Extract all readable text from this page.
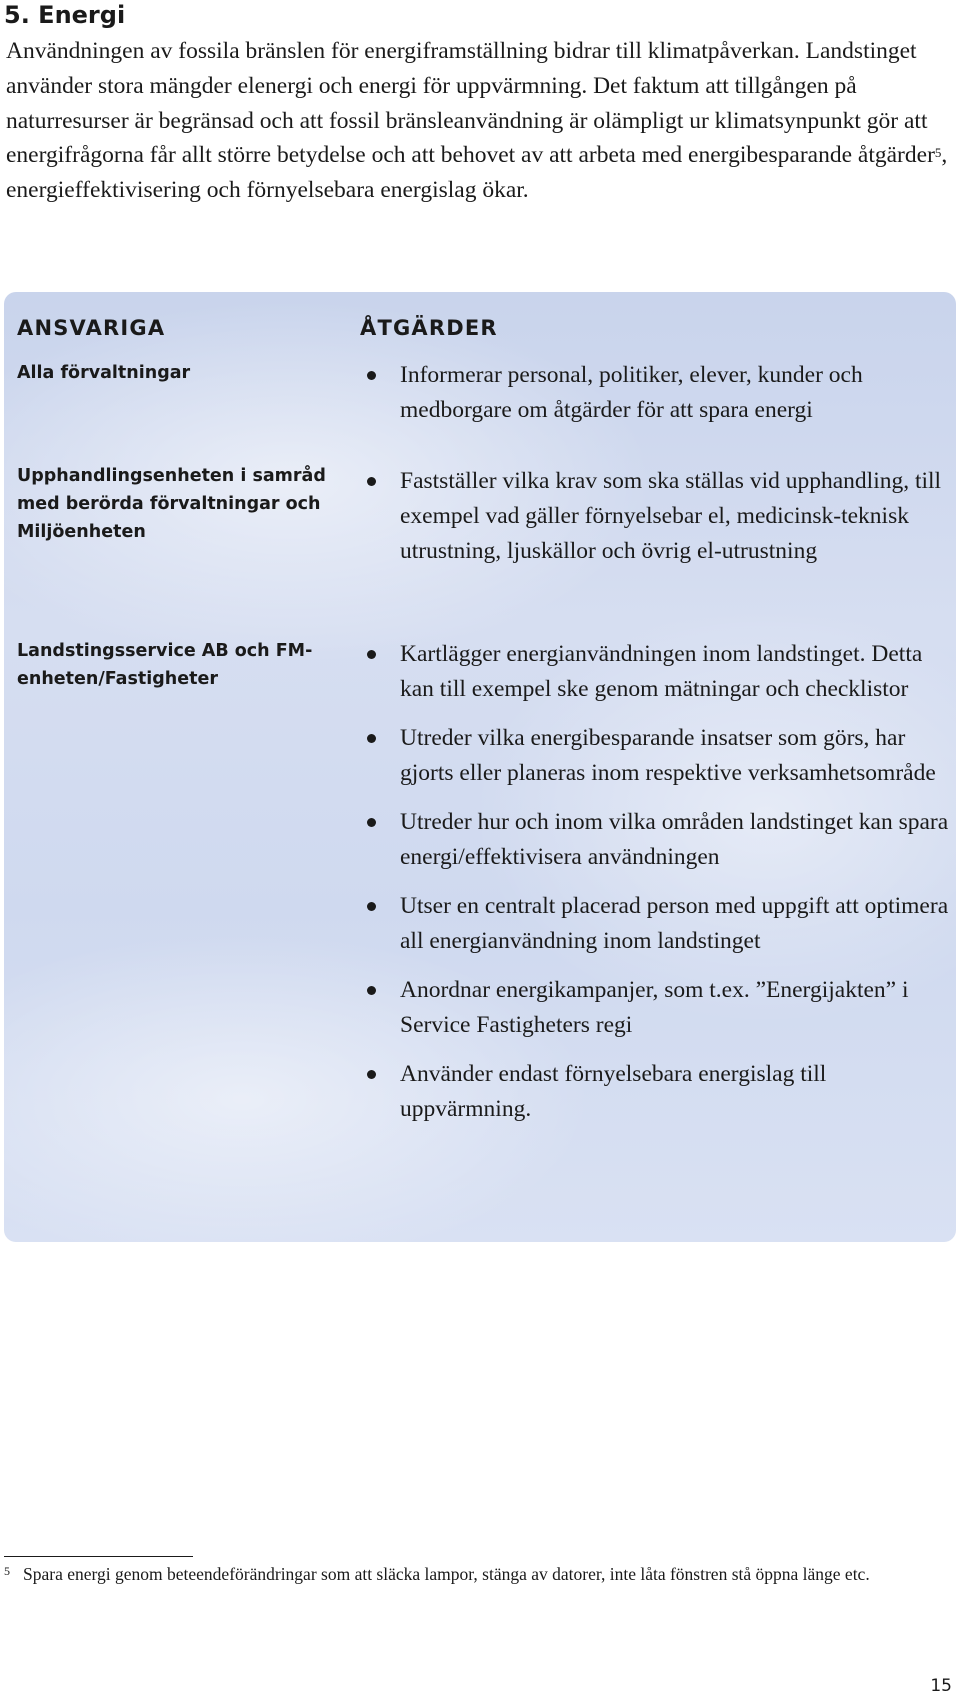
5. Energi

Användningen av fossila bränslen för energiframställning bidrar till klimatpåverkan. Landstinget använder stora mängder elenergi och energi för uppvärmning. Det faktum att tillgången på naturresurser är begränsad och att fossil bränsleanvändning är olämpligt ur klimatsynpunkt gör att energifrågorna får allt större betydelse och att behovet av att arbeta med energibesparande åtgärder$^5$, energieffektivisering och förnyelsebara energislag ökar.

ANSVARIGA	ÅTGÄRDER

Alla förvaltningar	Informerar personal, politiker, elever, kunder och medborgare om åtgärder för att spara energi

Upphandlingsenheten i samråd med berörda förvaltningar och Miljöenheten

Fastställer vilka krav som ska ställas vid upphandling, till exempel vad gäller förnyelsebar el, medicinsk-teknisk utrustning, ljuskällor och övrig el-utrustning

Landstingsservice AB och FM-enheten/Fastigheter

Kartlägger energianvändningen inom landstinget. Detta kan till exempel ske genom mätningar och checklistor
Utreder vilka energibesparande insatser som görs, har gjorts eller planeras inom respektive verksamhetsområde
Utreder hur och inom vilka områden landstinget kan spara energi/effektivisera användningen
Utser en centralt placerad person med uppgift att optimera all energianvändning inom landstinget
Anordnar energikampanjer, som t.ex. ”Energijakten” i Service Fastigheters regi
Använder endast förnyelsebara energislag till uppvärmning.
5 Spara energi genom beteendeförändringar som att släcka lampor, stänga av datorer, inte låta fönstren stå öppna länge etc.

15
